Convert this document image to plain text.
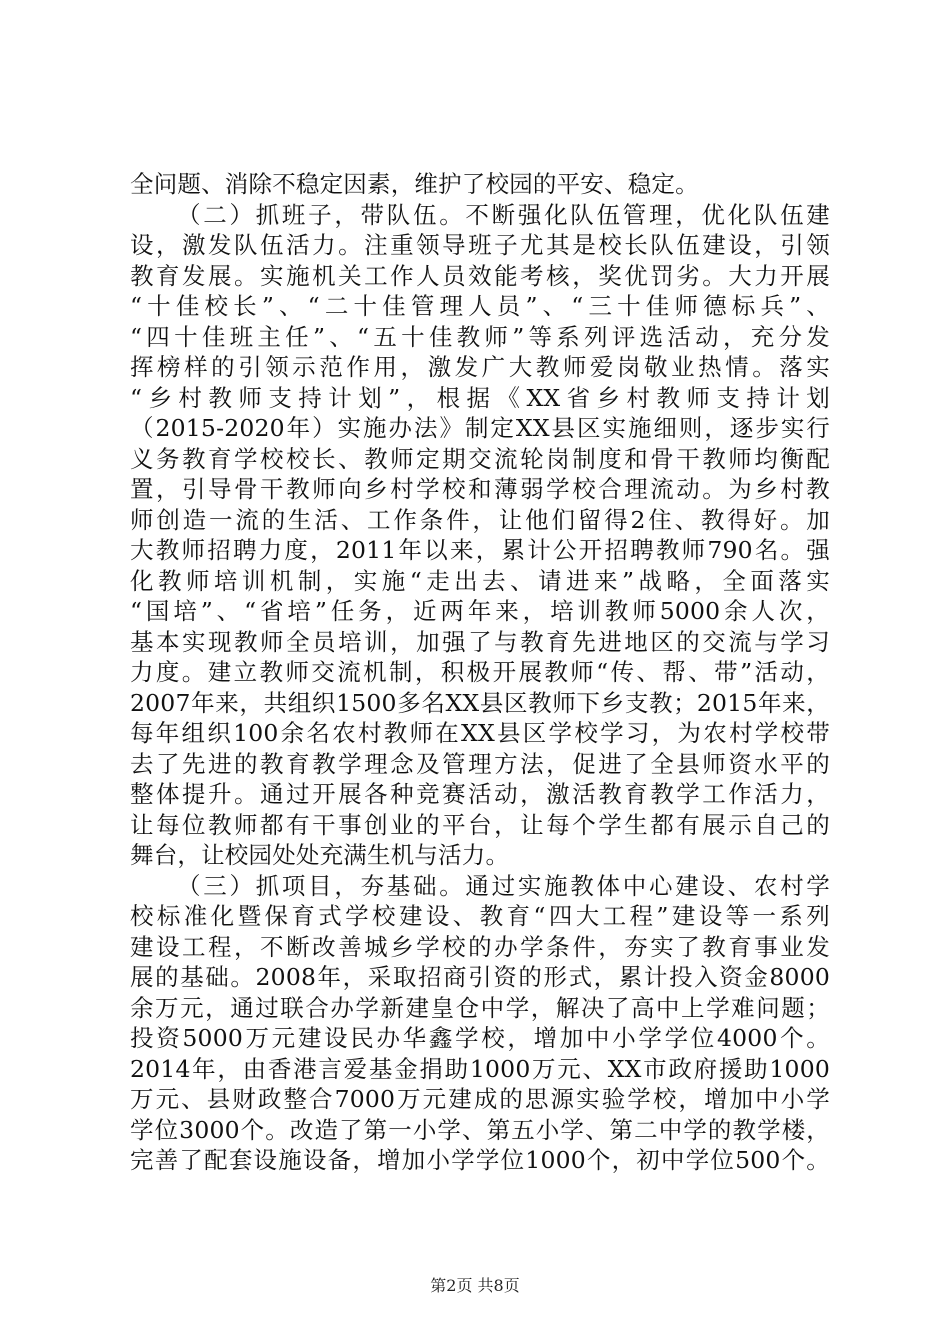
全问题、消除不稳定因素，维护了校园的平安、稳定。
（二）抓班子，带队伍。不断强化队伍管理，优化队伍建
设，激发队伍活力。注重领导班子尤其是校长队伍建设，引领
教育发展。实施机关工作人员效能考核，奖优罚劣。大力开展
“十佳校长”、“二十佳管理人员”、“三十佳师德标兵”、
“四十佳班主任”、“五十佳教师”等系列评选活动，充分发
挥榜样的引领示范作用，激发广大教师爱岗敬业热情。落实
“乡村教师支持计划”，根据《XX省乡村教师支持计划
（2015-2020年）实施办法》制定XX县区实施细则，逐步实行
义务教育学校校长、教师定期交流轮岗制度和骨干教师均衡配
置，引导骨干教师向乡村学校和薄弱学校合理流动。为乡村教
师创造一流的生活、工作条件，让他们留得2住、教得好。加
大教师招聘力度，2011年以来，累计公开招聘教师790名。强
化教师培训机制，实施“走出去、请进来”战略，全面落实
“国培”、“省培”任务，近两年来，培训教师5000余人次，
基本实现教师全员培训，加强了与教育先进地区的交流与学习
力度。建立教师交流机制，积极开展教师“传、帮、带”活动，
2007年来，共组织1500多名XX县区教师下乡支教；2015年来，
每年组织100余名农村教师在XX县区学校学习，为农村学校带
去了先进的教育教学理念及管理方法，促进了全县师资水平的
整体提升。通过开展各种竞赛活动，激活教育教学工作活力，
让每位教师都有干事创业的平台，让每个学生都有展示自己的
舞台，让校园处处充满生机与活力。
（三）抓项目，夯基础。通过实施教体中心建设、农村学
校标准化暨保育式学校建设、教育“四大工程”建设等一系列
建设工程，不断改善城乡学校的办学条件，夯实了教育事业发
展的基础。2008年，采取招商引资的形式，累计投入资金8000
余万元，通过联合办学新建皇仓中学，解决了高中上学难问题；
投资5000万元建设民办华鑫学校，增加中小学学位4000个。
2014年，由香港言爱基金捐助1000万元、XX市政府援助1000
万元、县财政整合7000万元建成的思源实验学校，增加中小学
学位3000个。改造了第一小学、第五小学、第二中学的教学楼，
完善了配套设施设备，增加小学学位1000个，初中学位500个。
第2页 共8页
